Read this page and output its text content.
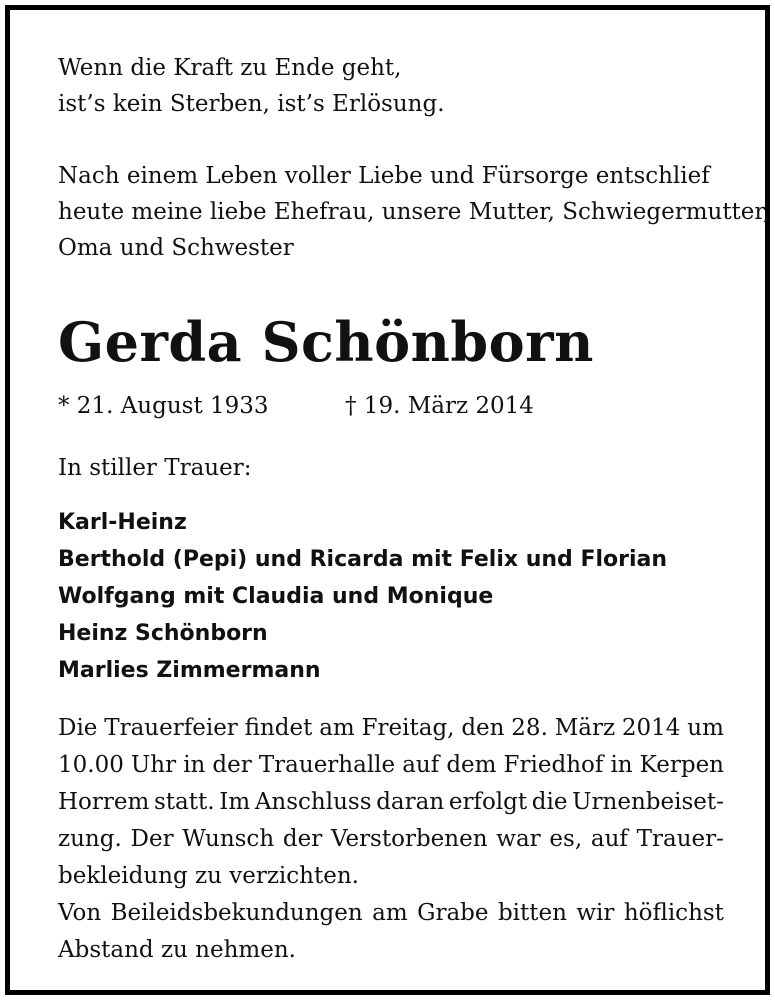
Wenn die Kraft zu Ende geht,
ist’s kein Sterben, ist’s Erlösung.
Nach einem Leben voller Liebe und Fürsorge entschlief
heute meine liebe Ehefrau, unsere Mutter, Schwiegermutter,
Oma und Schwester
Gerda Schönborn
* 21. August 1933	† 19. März 2014
In stiller Trauer:
Karl-Heinz
Berthold (Pepi) und Ricarda mit Felix und Florian
Wolfgang mit Claudia und Monique
Heinz Schönborn
Marlies Zimmermann
Die Trauerfeier findet am Freitag, den 28. März 2014 um
10.00 Uhr in der Trauerhalle auf dem Friedhof in Kerpen
Horrem statt. Im Anschluss daran erfolgt die Urnenbeiset-
zung. Der Wunsch der Verstorbenen war es, auf Trauer-
bekleidung zu verzichten.
Von Beileidsbekundungen am Grabe bitten wir höflichst
Abstand zu nehmen.
